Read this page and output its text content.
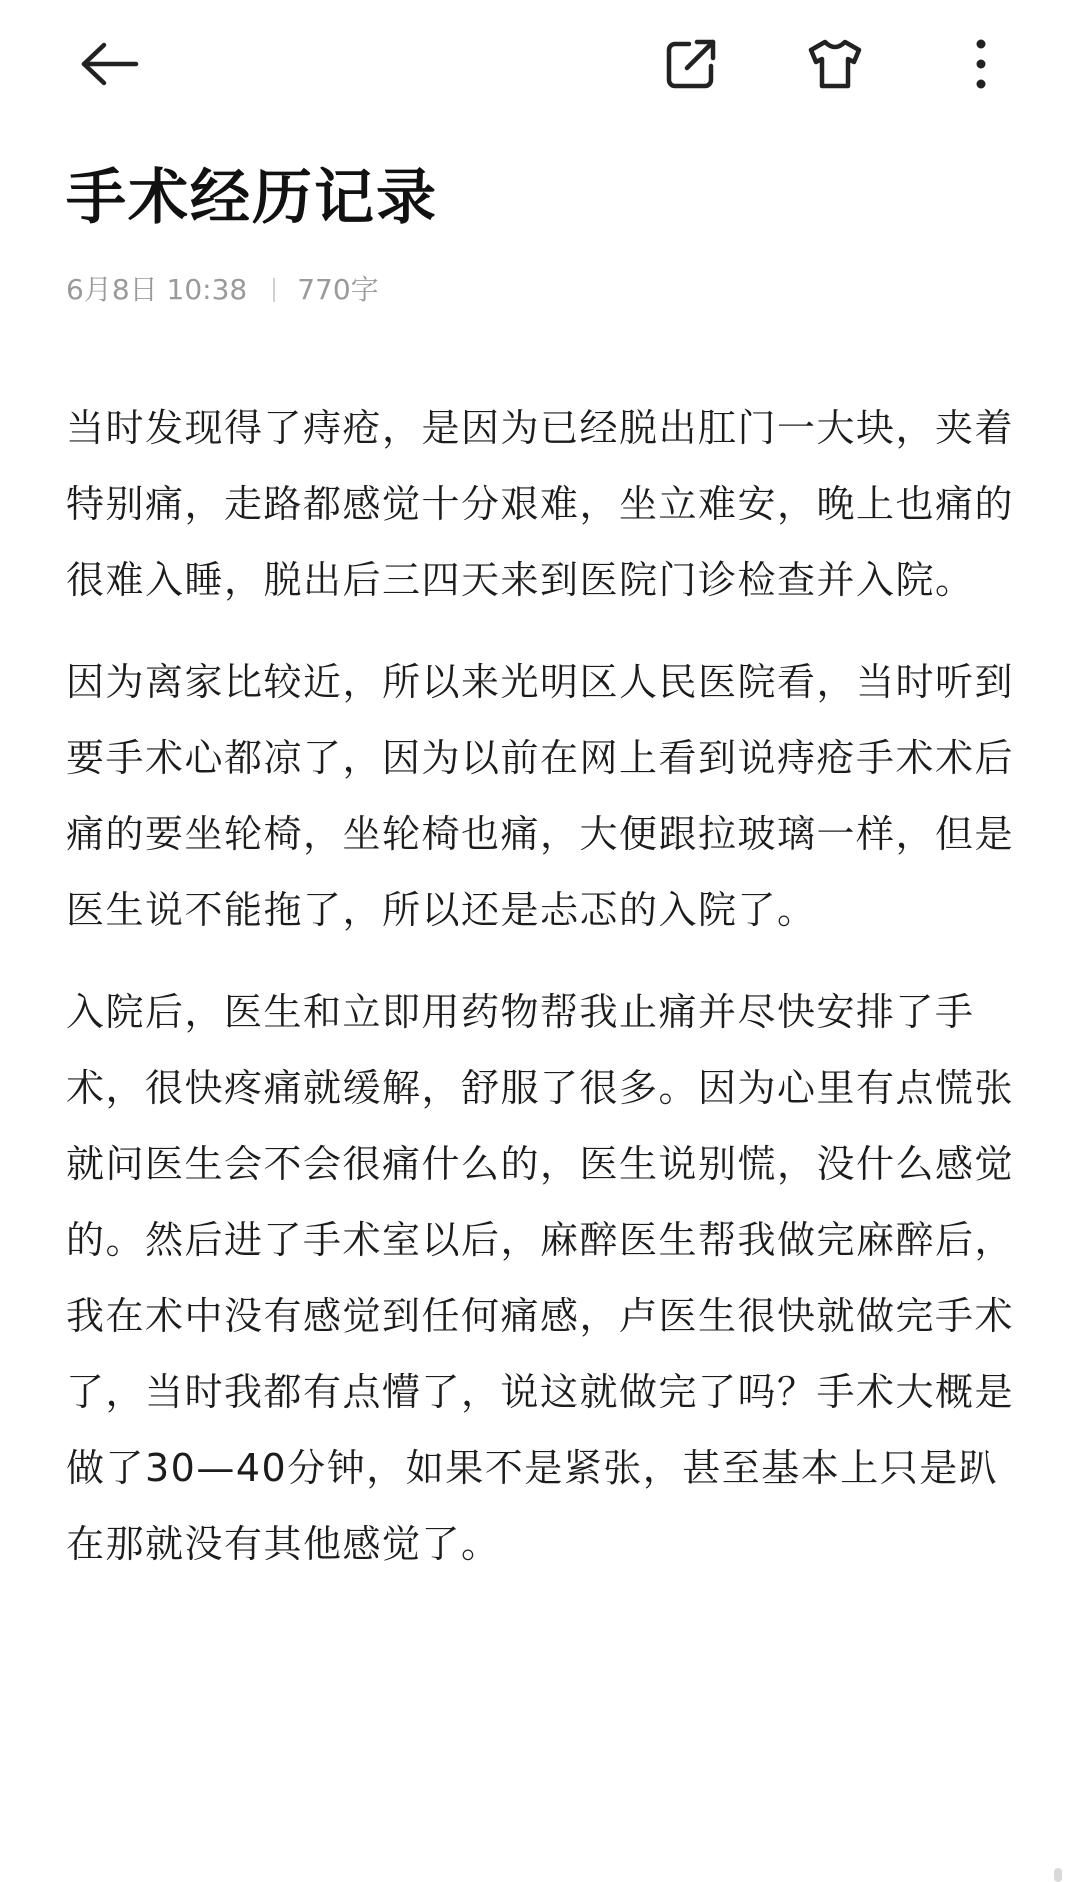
手术经历记录
6月8日 10:38 770字

当时发现得了痔疮，是因为已经脱出肛门一大块，夹着特别痛，走路都感觉十分艰难，坐立难安，晚上也痛的很难入睡，脱出后三四天来到医院门诊检查并入院。

因为离家比较近，所以来光明区人民医院看，当时听到要手术心都凉了，因为以前在网上看到说痔疮手术术后痛的要坐轮椅，坐轮椅也痛，大便跟拉玻璃一样，但是医生说不能拖了，所以还是忐忑的入院了。

入院后，医生和立即用药物帮我止痛并尽快安排了手术，很快疼痛就缓解，舒服了很多。因为心里有点慌张就问医生会不会很痛什么的，医生说别慌，没什么感觉的。然后进了手术室以后，麻醉医生帮我做完麻醉后，我在术中没有感觉到任何痛感，卢医生很快就做完手术了，当时我都有点懵了，说这就做完了吗？手术大概是做了30—40分钟，如果不是紧张，甚至基本上只是趴在那就没有其他感觉了。
